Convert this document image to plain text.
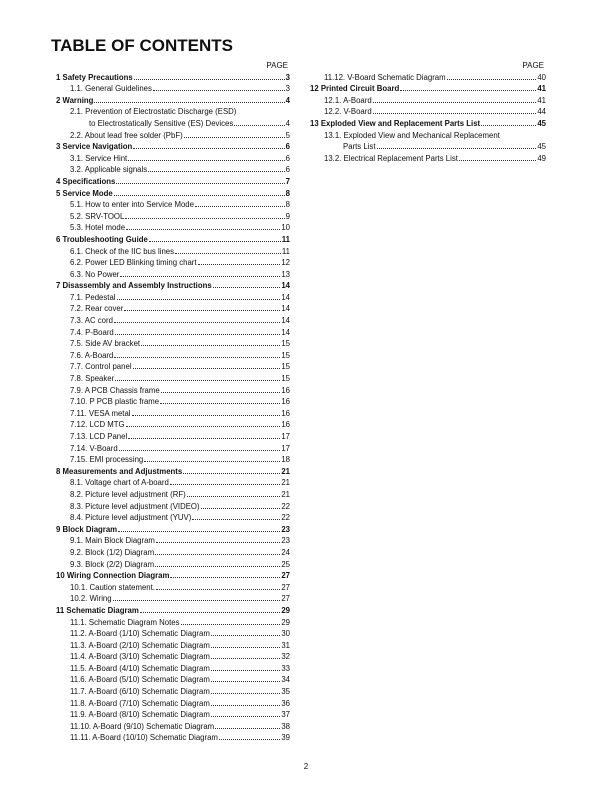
TABLE OF CONTENTS
PAGE
1 Safety Precautions	3
1.1. General Guidelines	3
2 Warning	4
2.1. Prevention of Electrostatic Discharge (ESD)
to Electrostatically Sensitive (ES) Devices	4
2.2. About lead free solder (PbF)	5
3 Service Navigation	6
3.1. Service Hint	6
3.2. Applicable signals	6
4 Specifications	7
5 Service Mode	8
5.1. How to enter into Service Mode	8
5.2. SRV-TOOL	9
5.3. Hotel mode	10
6 Troubleshooting Guide	11
6.1. Check of the IIC bus lines	11
6.2. Power LED Blinking timing chart	12
6.3. No Power	13
7 Disassembly and Assembly Instructions	14
7.1. Pedestal	14
7.2. Rear cover	14
7.3. AC cord	14
7.4. P-Board	14
7.5. Side AV bracket	15
7.6. A-Board	15
7.7. Control panel	15
7.8. Speaker	15
7.9. A PCB Chassis frame	16
7.10. P PCB plastic frame	16
7.11. VESA metal	16
7.12. LCD MTG	16
7.13. LCD Panel	17
7.14. V-Board	17
7.15. EMI processing	18
8 Measurements and Adjustments	21
8.1. Voltage chart of A-board	21
8.2. Picture level adjustment (RF)	21
8.3. Picture level adjustment (VIDEO)	22
8.4. Picture level adjustment (YUV)	22
9 Block Diagram	23
9.1. Main Block Diagram	23
9.2. Block (1/2) Diagram	24
9.3. Block (2/2) Diagram	25
10 Wiring Connection Diagram	27
10.1. Caution statement.	27
10.2. Wiring	27
11 Schematic Diagram	29
11.1. Schematic Diagram Notes	29
11.2. A-Board (1/10) Schematic Diagram	30
11.3. A-Board (2/10) Schematic Diagram	31
11.4. A-Board (3/10) Schematic Diagram	32
11.5. A-Board (4/10) Schematic Diagram	33
11.6. A-Board (5/10) Schematic Diagram	34
11.7. A-Board (6/10) Schematic Diagram	35
11.8. A-Board (7/10) Schematic Diagram	36
11.9. A-Board (8/10) Schematic Diagram	37
11.10. A-Board (9/10) Schematic Diagram	38
11.11. A-Board (10/10) Schematic Diagram	39
PAGE
11.12. V-Board Schematic Diagram	40
12 Printed Circuit Board	41
12.1. A-Board	41
12.2. V-Board	44
13 Exploded View and Replacement Parts List	45
13.1. Exploded View and Mechanical Replacement
Parts List	45
13.2. Electrical Replacement Parts List	49
2
